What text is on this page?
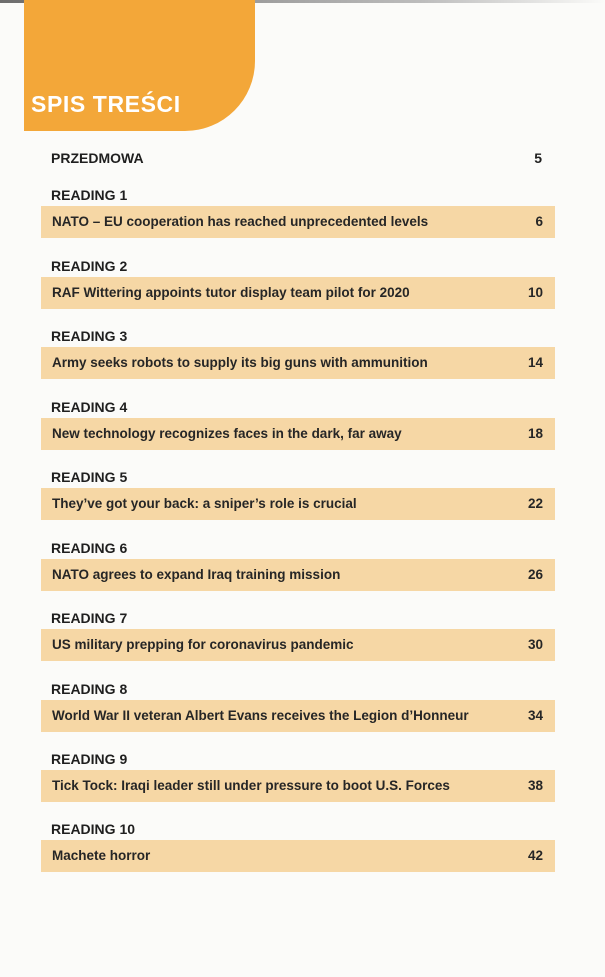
SPIS TREŚCI
PRZEDMOWA	5
READING 1
NATO – EU cooperation has reached unprecedented levels	6
READING 2
RAF Wittering appoints tutor display team pilot for 2020	10
READING 3
Army seeks robots to supply its big guns with ammunition	14
READING 4
New technology recognizes faces in the dark, far away	18
READING 5
They’ve got your back: a sniper’s role is crucial	22
READING 6
NATO agrees to expand Iraq training mission	26
READING 7
US military prepping for coronavirus pandemic	30
READING 8
World War II veteran Albert Evans receives the Legion d’Honneur	34
READING 9
Tick Tock: Iraqi leader still under pressure to boot U.S. Forces	38
READING 10
Machete horror	42
